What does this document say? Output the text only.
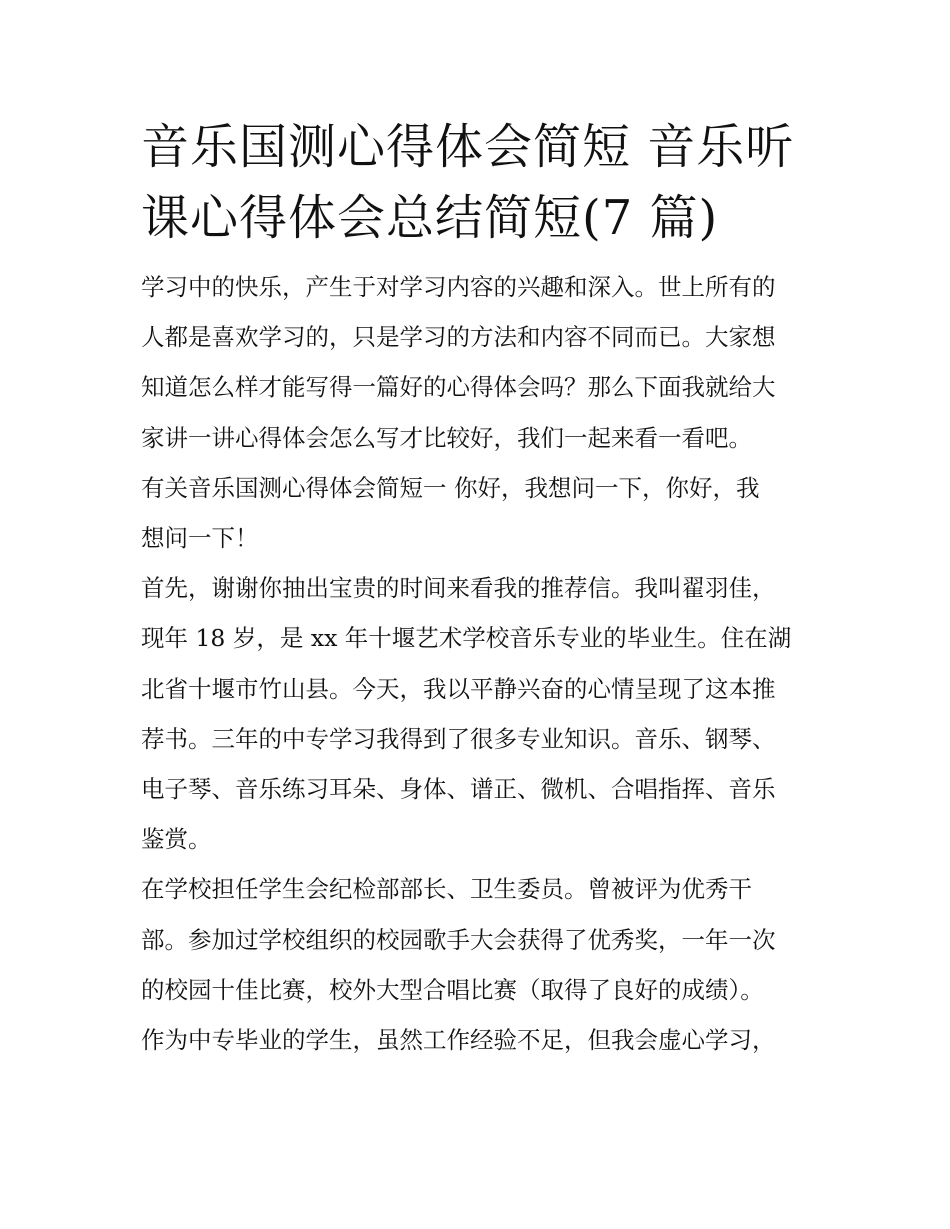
音乐国测心得体会简短 音乐听
课心得体会总结简短(7 篇)

学习中的快乐，产生于对学习内容的兴趣和深入。世上所有的

人都是喜欢学习的，只是学习的方法和内容不同而已。大家想

知道怎么样才能写得一篇好的心得体会吗？那么下面我就给大

家讲一讲心得体会怎么写才比较好，我们一起来看一看吧。

有关音乐国测心得体会简短一 你好，我想问一下，你好，我

想问一下！

首先，谢谢你抽出宝贵的时间来看我的推荐信。我叫翟羽佳，

现年 18 岁，是 xx 年十堰艺术学校音乐专业的毕业生。住在湖

北省十堰市竹山县。今天，我以平静兴奋的心情呈现了这本推

荐书。三年的中专学习我得到了很多专业知识。音乐、钢琴、

电子琴、音乐练习耳朵、身体、谱正、微机、合唱指挥、音乐

鉴赏。

在学校担任学生会纪检部部长、卫生委员。曾被评为优秀干

部。参加过学校组织的校园歌手大会获得了优秀奖，一年一次

的校园十佳比赛，校外大型合唱比赛（取得了良好的成绩）。

作为中专毕业的学生，虽然工作经验不足，但我会虚心学习，
